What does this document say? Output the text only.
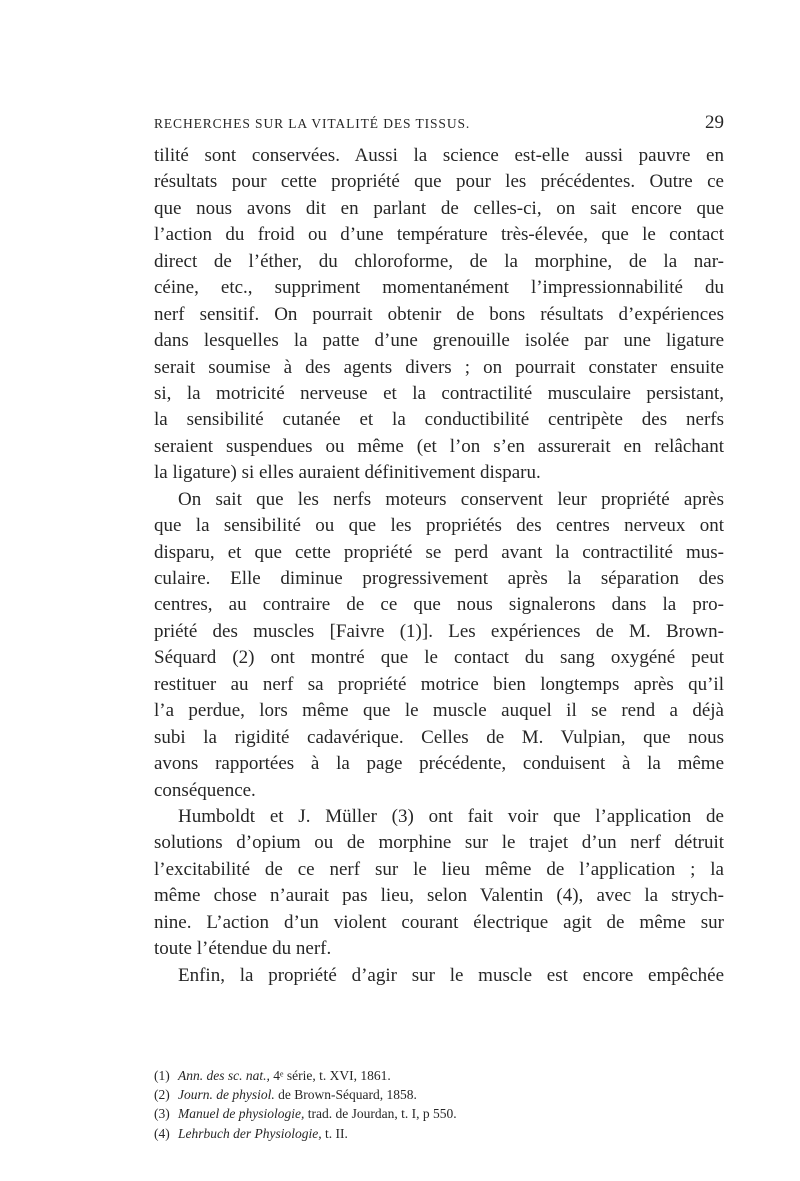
RECHERCHES SUR LA VITALITÉ DES TISSUS.	29
tilité sont conservées. Aussi la science est-elle aussi pauvre en
résultats pour cette propriété que pour les précédentes. Outre ce
que nous avons dit en parlant de celles-ci, on sait encore que
l’action du froid ou d’une température très-élevée, que le contact
direct de l’éther, du chloroforme, de la morphine, de la nar-
céine, etc., suppriment momentanément l’impressionnabilité du
nerf sensitif. On pourrait obtenir de bons résultats d’expériences
dans lesquelles la patte d’une grenouille isolée par une ligature
serait soumise à des agents divers ; on pourrait constater ensuite
si, la motricité nerveuse et la contractilité musculaire persistant,
la sensibilité cutanée et la conductibilité centripète des nerfs
seraient suspendues ou même (et l’on s’en assurerait en relâchant
la ligature) si elles auraient définitivement disparu.
On sait que les nerfs moteurs conservent leur propriété après
que la sensibilité ou que les propriétés des centres nerveux ont
disparu, et que cette propriété se perd avant la contractilité mus-
culaire. Elle diminue progressivement après la séparation des
centres, au contraire de ce que nous signalerons dans la pro-
priété des muscles [Faivre (1)]. Les expériences de M. Brown-
Séquard (2) ont montré que le contact du sang oxygéné peut
restituer au nerf sa propriété motrice bien longtemps après qu’il
l’a perdue, lors même que le muscle auquel il se rend a déjà
subi la rigidité cadavérique. Celles de M. Vulpian, que nous
avons rapportées à la page précédente, conduisent à la même
conséquence.
Humboldt et J. Müller (3) ont fait voir que l’application de
solutions d’opium ou de morphine sur le trajet d’un nerf détruit
l’excitabilité de ce nerf sur le lieu même de l’application ; la
même chose n’aurait pas lieu, selon Valentin (4), avec la strych-
nine. L’action d’un violent courant électrique agit de même sur
toute l’étendue du nerf.
Enfin, la propriété d’agir sur le muscle est encore empêchée
(1) Ann. des sc. nat., 4ᵉ série, t. XVI, 1861.
(2) Journ. de physiol. de Brown-Séquard, 1858.
(3) Manuel de physiologie, trad. de Jourdan, t. I, p 550.
(4) Lehrbuch der Physiologie, t. II.
